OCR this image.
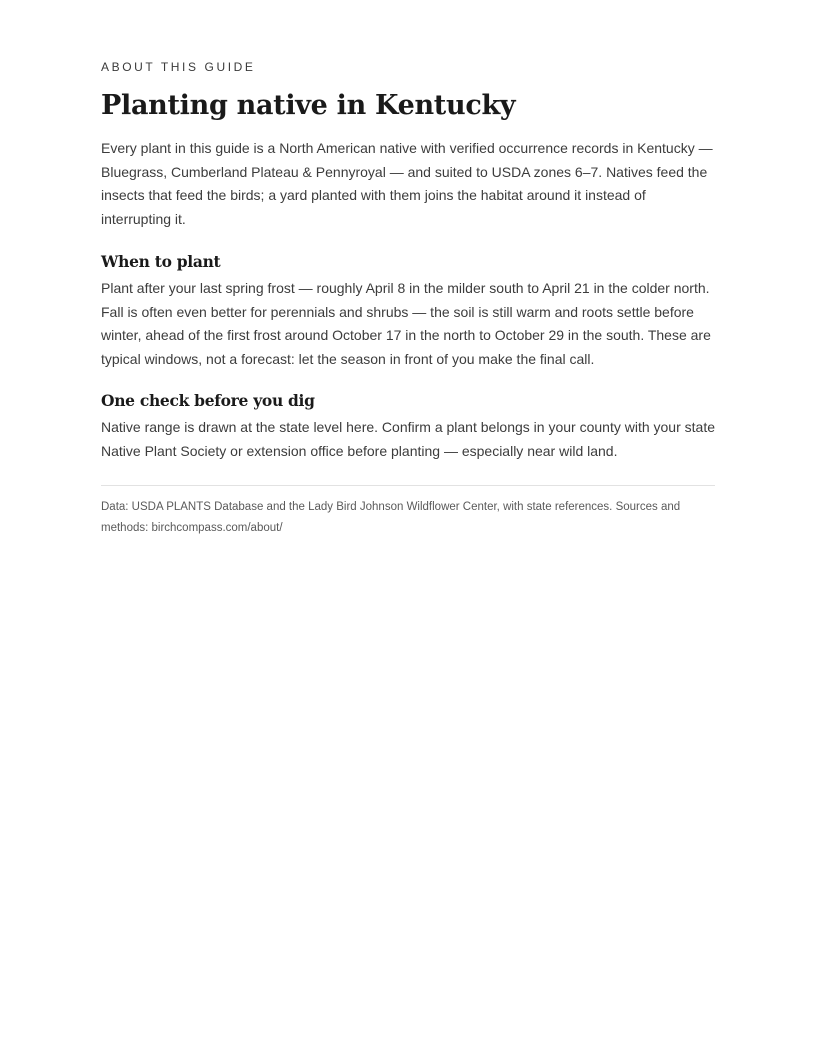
ABOUT THIS GUIDE

Planting native in Kentucky

Every plant in this guide is a North American native with verified occurrence records in Kentucky — Bluegrass, Cumberland Plateau & Pennyroyal — and suited to USDA zones 6–7. Natives feed the insects that feed the birds; a yard planted with them joins the habitat around it instead of interrupting it.

When to plant

Plant after your last spring frost — roughly April 8 in the milder south to April 21 in the colder north. Fall is often even better for perennials and shrubs — the soil is still warm and roots settle before winter, ahead of the first frost around October 17 in the north to October 29 in the south. These are typical windows, not a forecast: let the season in front of you make the final call.

One check before you dig

Native range is drawn at the state level here. Confirm a plant belongs in your county with your state Native Plant Society or extension office before planting — especially near wild land.

Data: USDA PLANTS Database and the Lady Bird Johnson Wildflower Center, with state references. Sources and methods: birchcompass.com/about/
